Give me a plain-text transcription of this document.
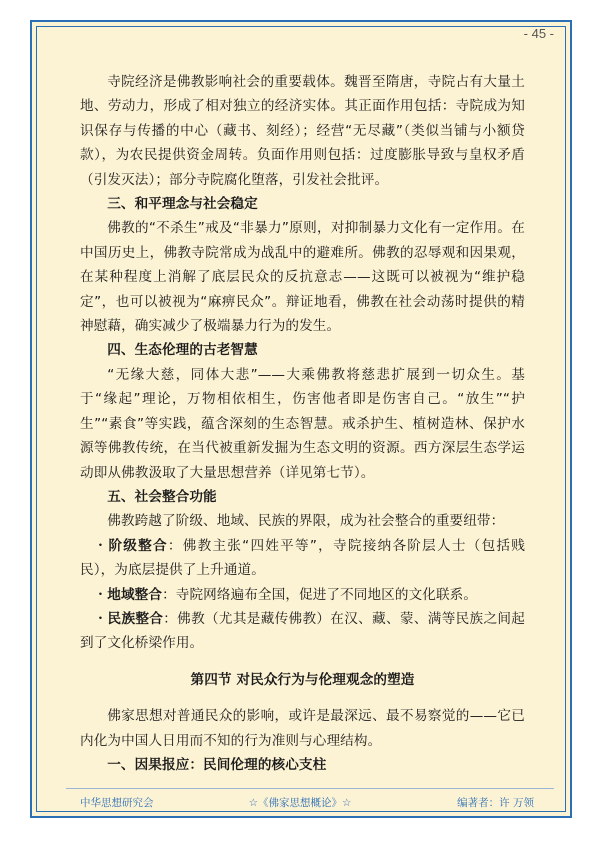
- 45 -

寺院经济是佛教影响社会的重要载体。魏晋至隋唐，寺院占有大量土地、劳动力，形成了相对独立的经济实体。其正面作用包括：寺院成为知识保存与传播的中心（藏书、刻经）；经营“无尽藏”（类似当铺与小额贷款），为农民提供资金周转。负面作用则包括：过度膨胀导致与皇权矛盾（引发灭法）；部分寺院腐化堕落，引发社会批评。

三、和平理念与社会稳定

佛教的“不杀生”戒及“非暴力”原则，对抑制暴力文化有一定作用。在中国历史上，佛教寺院常成为战乱中的避难所。佛教的忍辱观和因果观，在某种程度上消解了底层民众的反抗意志——这既可以被视为“维护稳定”，也可以被视为“麻痹民众”。辩证地看，佛教在社会动荡时提供的精神慰藉，确实减少了极端暴力行为的发生。

四、生态伦理的古老智慧

“无缘大慈，同体大悲”——大乘佛教将慈悲扩展到一切众生。基于“缘起”理论，万物相依相生，伤害他者即是伤害自己。“放生”“护生”“素食”等实践，蕴含深刻的生态智慧。戒杀护生、植树造林、保护水源等佛教传统，在当代被重新发掘为生态文明的资源。西方深层生态学运动即从佛教汲取了大量思想营养（详见第七节）。

五、社会整合功能

佛教跨越了阶级、地域、民族的界限，成为社会整合的重要纽带：

・阶级整合：佛教主张“四姓平等”，寺院接纳各阶层人士（包括贱民），为底层提供了上升通道。

・地域整合：寺院网络遍布全国，促进了不同地区的文化联系。

・民族整合：佛教（尤其是藏传佛教）在汉、藏、蒙、满等民族之间起到了文化桥梁作用。

第四节 对民众行为与伦理观念的塑造

佛家思想对普通民众的影响，或许是最深远、最不易察觉的——它已内化为中国人日用而不知的行为准则与心理结构。

一、因果报应：民间伦理的核心支柱

中华思想研究会	☆《佛家思想概论》☆	编著者：许 万领
